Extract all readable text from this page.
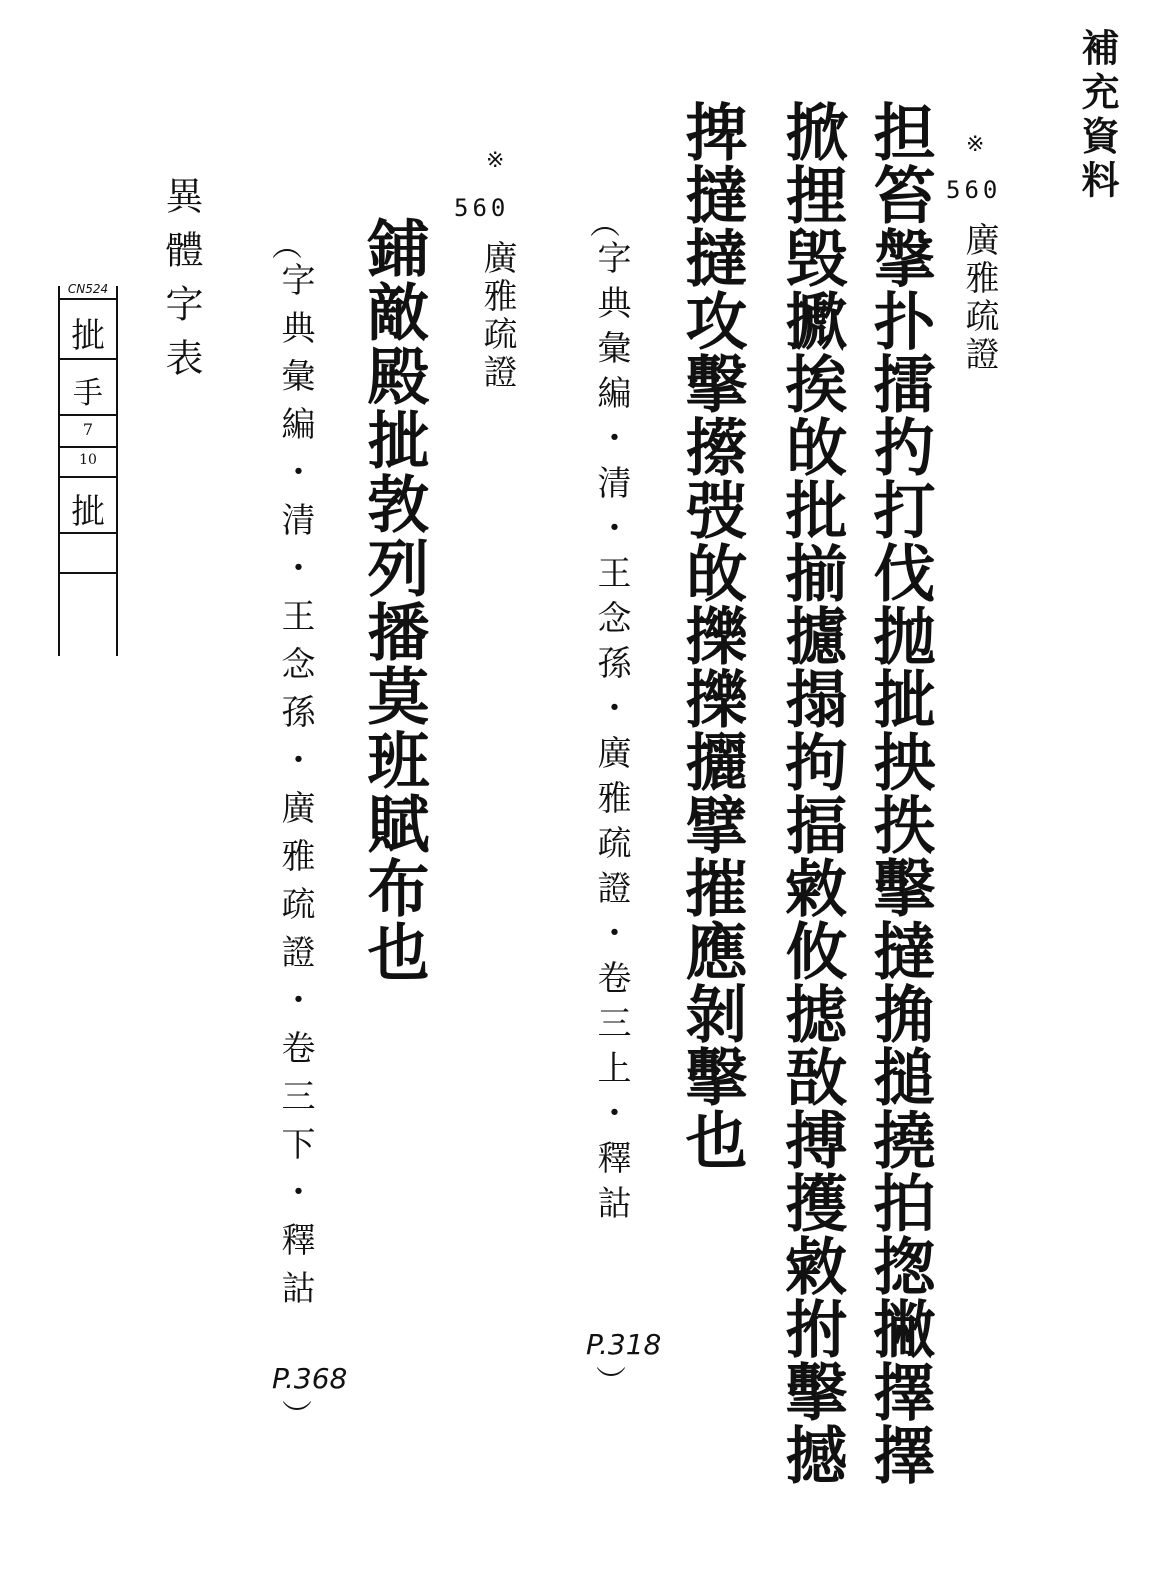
補充資料
※
560
廣雅疏證
担笞搫扑擂扚打伐抛㧗抰抶擊撻捔搥撓拍揔撇擇擇
掀捚毁擨挨敀批揃攄搨拘揊敹攸摅敔搏擭敹拊擊撼
捭撻撻攻擊攃弢敀擽擽攦擘摧應剝擊也
︵
字典彙編・清・王念孫・廣雅疏證・卷三上・釋詁
P.318
︶
※
560
廣雅疏證
鋪敵殿㧗㪍列播莫班賦布也
︵
字典彙編・清・王念孫・廣雅疏證・卷三下・釋詁
P.368
︶
異體字表
CN524
㧗
手
7
10
㧗
